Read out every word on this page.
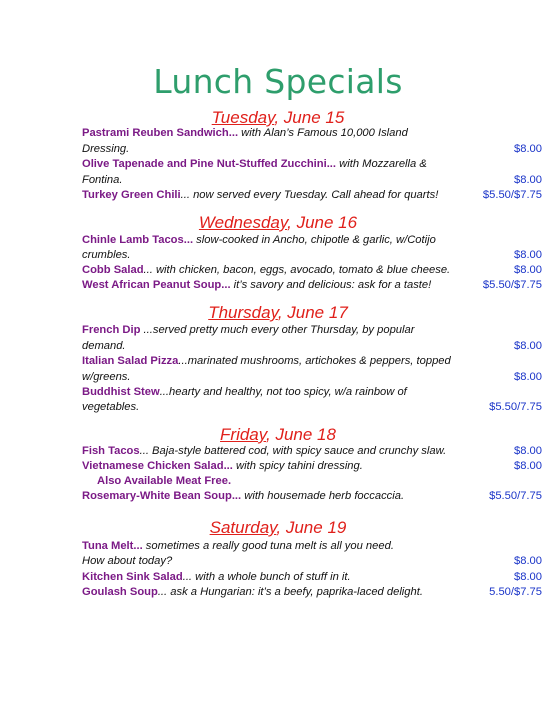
Lunch Specials
Tuesday, June 15
Pastrami Reuben Sandwich... with Alan’s Famous 10,000 Island
Dressing.	$8.00
Olive Tapenade and Pine Nut-Stuffed Zucchini... with Mozzarella &
Fontina.	$8.00
Turkey Green Chili... now served every Tuesday. Call ahead for quarts!	$5.50/$7.75
Wednesday, June 16
Chinle Lamb Tacos... slow-cooked in Ancho, chipotle & garlic, w/Cotijo
crumbles.	$8.00
Cobb Salad... with chicken, bacon, eggs, avocado, tomato & blue cheese.	$8.00
West African Peanut Soup... it’s savory and delicious: ask for a taste!	$5.50/$7.75
Thursday, June 17
French Dip ...served pretty much every other Thursday, by popular
demand.	$8.00
Italian Salad Pizza...marinated mushrooms, artichokes & peppers, topped
w/greens.	$8.00
Buddhist Stew...hearty and healthy, not too spicy, w/a rainbow of
vegetables.	$5.50/7.75
Friday, June 18
Fish Tacos... Baja-style battered cod, with spicy sauce and crunchy slaw.	$8.00
Vietnamese Chicken Salad... with spicy tahini dressing.	$8.00
Also Available Meat Free.
Rosemary-White Bean Soup... with housemade herb foccaccia.	$5.50/7.75
Saturday, June 19
Tuna Melt... sometimes a really good tuna melt is all you need.
How about today?	$8.00
Kitchen Sink Salad... with a whole bunch of stuff in it.	$8.00
Goulash Soup... ask a Hungarian: it’s a beefy, paprika-laced delight.	5.50/$7.75
